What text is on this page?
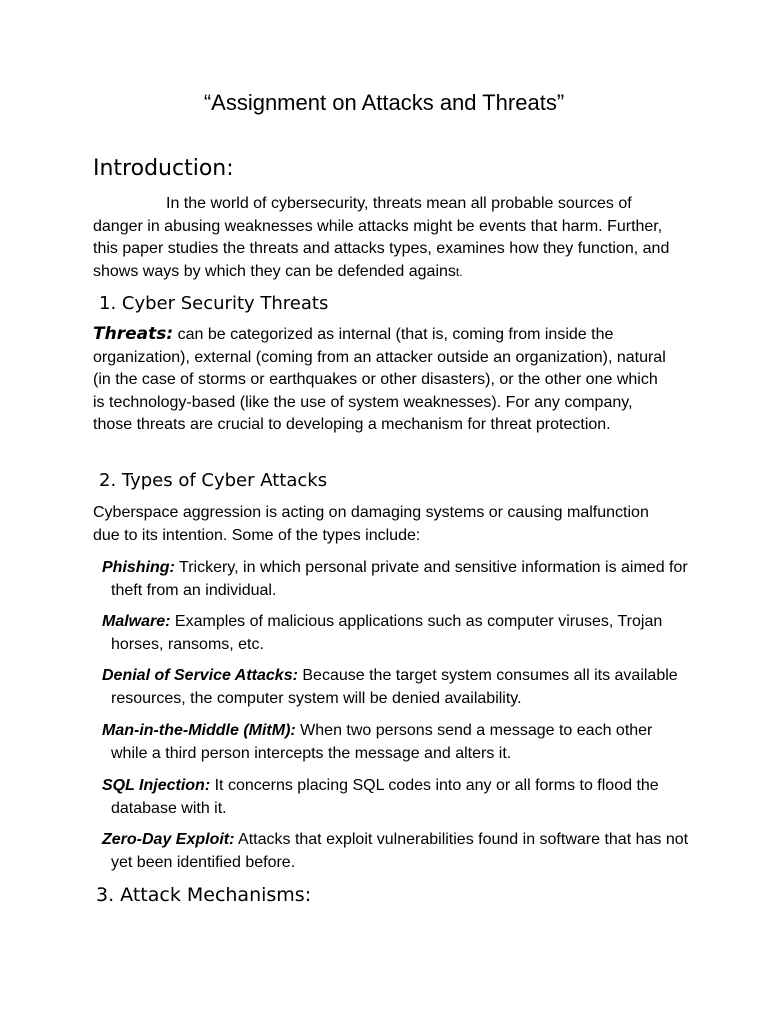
“Assignment on Attacks and Threats”
Introduction:
In the world of cybersecurity, threats mean all probable sources of danger in abusing weaknesses while attacks might be events that harm. Further, this paper studies the threats and attacks types, examines how they function, and shows ways by which they can be defended against.
1. Cyber Security Threats
Threats: can be categorized as internal (that is, coming from inside the organization), external (coming from an attacker outside an organization), natural (in the case of storms or earthquakes or other disasters), or the other one which is technology-based (like the use of system weaknesses). For any company, those threats are crucial to developing a mechanism for threat protection.
2. Types of Cyber Attacks
Cyberspace aggression is acting on damaging systems or causing malfunction due to its intention. Some of the types include:
Phishing: Trickery, in which personal private and sensitive information is aimed for theft from an individual.
Malware: Examples of malicious applications such as computer viruses, Trojan horses, ransoms, etc.
Denial of Service Attacks: Because the target system consumes all its available resources, the computer system will be denied availability.
Man-in-the-Middle (MitM): When two persons send a message to each other while a third person intercepts the message and alters it.
SQL Injection: It concerns placing SQL codes into any or all forms to flood the database with it.
Zero-Day Exploit: Attacks that exploit vulnerabilities found in software that has not yet been identified before.
3. Attack Mechanisms:
